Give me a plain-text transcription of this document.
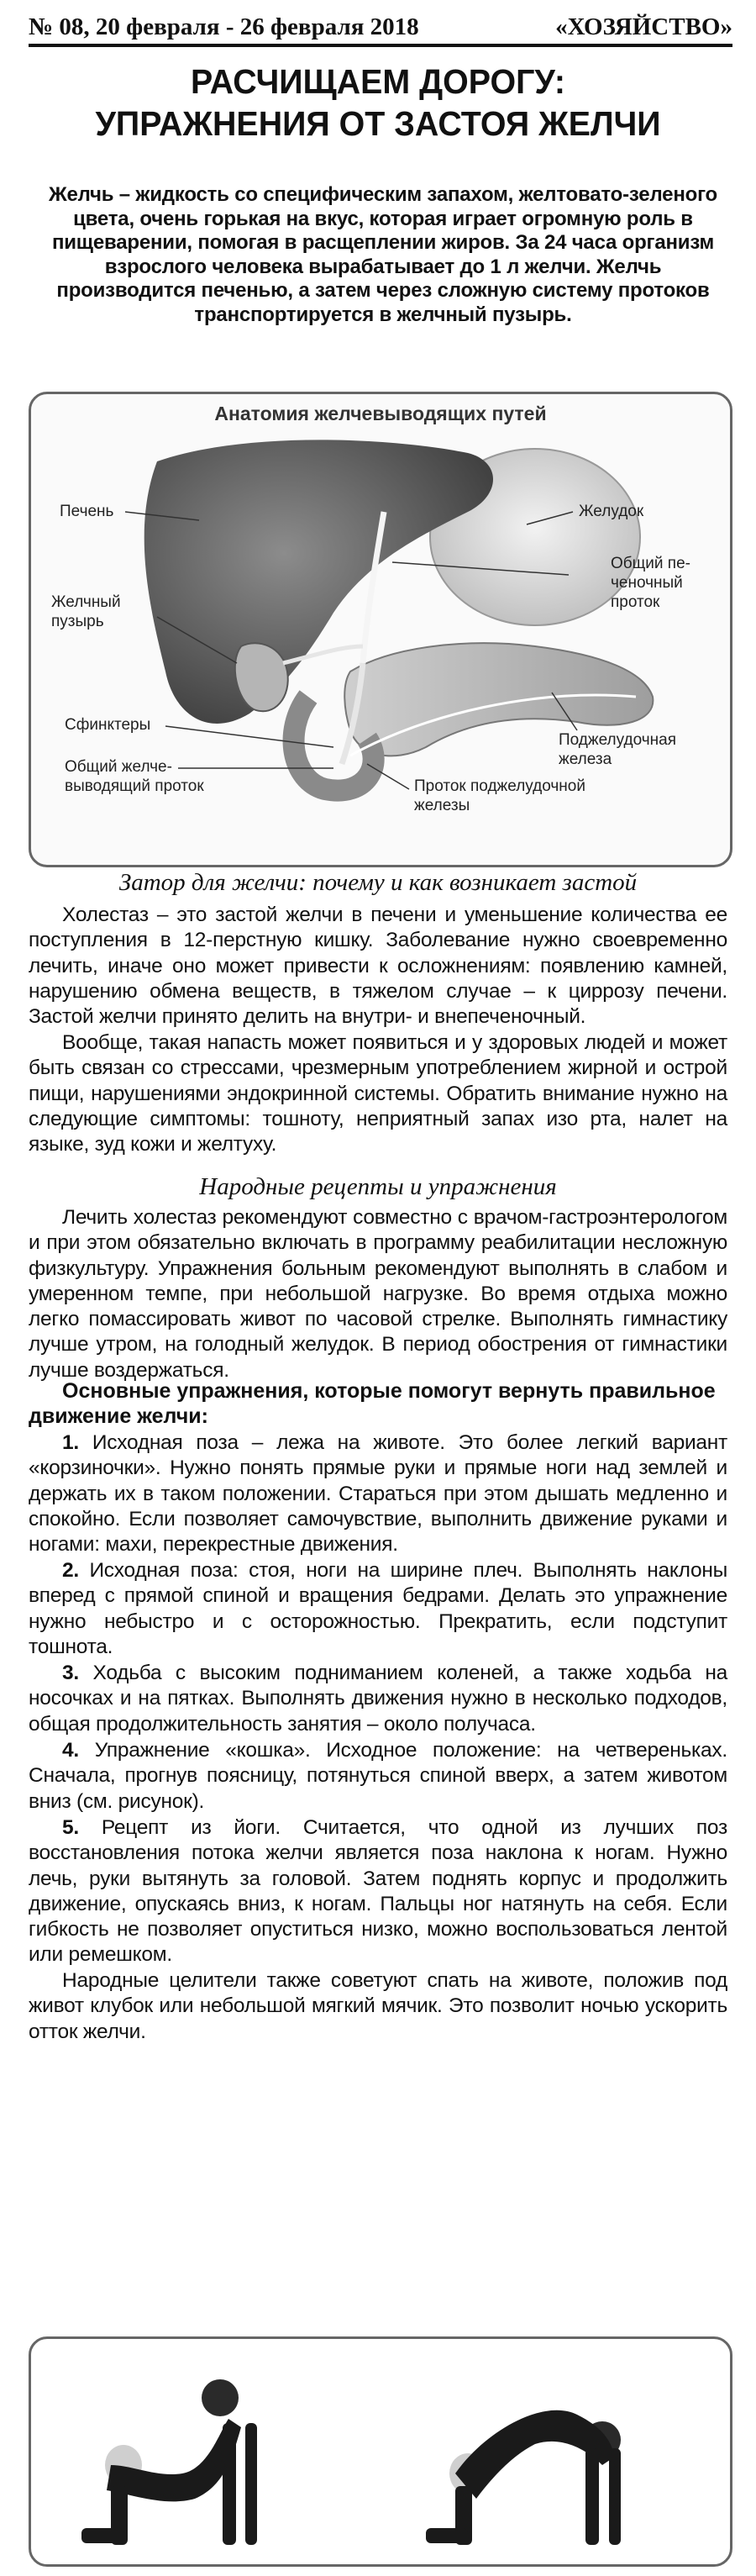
№ 08, 20 февраля - 26 февраля 2018	«ХОЗЯЙСТВО»
РАСЧИЩАЕМ ДОРОГУ:
УПРАЖНЕНИЯ ОТ ЗАСТОЯ ЖЕЛЧИ
Желчь – жидкость со специфическим запахом, желтовато-зеленого цвета, очень горькая на вкус, которая играет огромную роль в пищеварении, помогая в расщеплении жиров. За 24 часа организм взрослого человека вырабатывает до 1 л желчи. Желчь производится печенью, а затем через сложную систему протоков транспортируется в желчный пузырь.
Анатомия желчевыводящих путей
Печень
Желчный
пузырь
Сфинктеры
Общий желче-
выводящий проток
Желудок
Общий пе-
ченочный
проток
Поджелудочная
железа
Проток поджелудочной
железы
Затор для желчи: почему и как возникает застой
Холестаз – это застой желчи в печени и уменьшение количества ее поступления в 12-перстную кишку. Заболевание нужно своевременно лечить, иначе оно может привести к осложнениям: появлению камней, нарушению обмена веществ, в тяжелом случае – к циррозу печени. Застой желчи принято делить на внутри- и внепеченочный.
Вообще, такая напасть может появиться и у здоровых людей и может быть связан со стрессами, чрезмерным употреблением жирной и острой пищи, нарушениями эндокринной системы. Обратить внимание нужно на следующие симптомы: тошноту, неприятный запах изо рта, налет на языке, зуд кожи и желтуху.
Народные рецепты и упражнения
Лечить холестаз рекомендуют совместно с врачом-гастроэнтерологом и при этом обязательно включать в программу реабилитации несложную физкультуру. Упражнения больным рекомендуют выполнять в слабом и умеренном темпе, при небольшой нагрузке. Во время отдыха можно легко помассировать живот по часовой стрелке. Выполнять гимнастику лучше утром, на голодный желудок. В период обострения от гимнастики лучше воздержаться.
Основные упражнения, которые помогут вернуть правильное движение желчи:
1. Исходная поза – лежа на животе. Это более легкий вариант «корзиночки». Нужно понять прямые руки и прямые ноги над землей и держать их в таком положении. Стараться при этом дышать медленно и спокойно. Если позволяет самочувствие, выполнить движение руками и ногами: махи, перекрестные движения.
2. Исходная поза: стоя, ноги на ширине плеч. Выполнять наклоны вперед с прямой спиной и вращения бедрами. Делать это упражнение нужно небыстро и с осторожностью. Прекратить, если подступит тошнота.
3. Ходьба с высоким подниманием коленей, а также ходьба на носочках и на пятках. Выполнять движения нужно в несколько подходов, общая продолжительность занятия – около получаса.
4. Упражнение «кошка». Исходное положение: на четвереньках. Сначала, прогнув поясницу, потянуться спиной вверх, а затем животом вниз (см. рисунок).
5. Рецепт из йоги. Считается, что одной из лучших поз восстановления потока желчи является поза наклона к ногам. Нужно лечь, руки вытянуть за головой. Затем поднять корпус и продолжить движение, опускаясь вниз, к ногам. Пальцы ног натянуть на себя. Если гибкость не позволяет опуститься низко, можно воспользоваться лентой или ремешком.
Народные целители также советуют спать на животе, положив под живот клубок или небольшой мягкий мячик. Это позволит ночью ускорить отток желчи.
